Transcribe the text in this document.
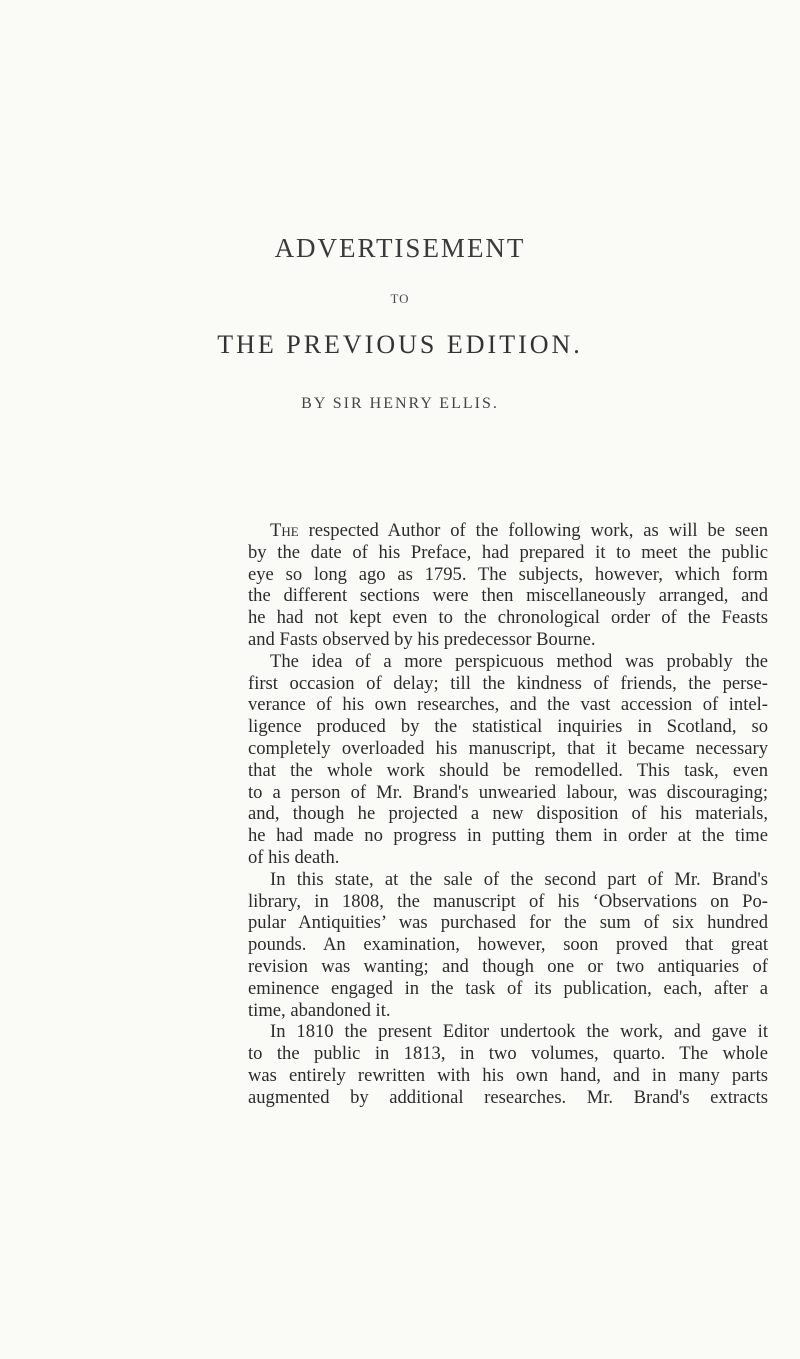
ADVERTISEMENT
TO
THE PREVIOUS EDITION.
BY SIR HENRY ELLIS.
The respected Author of the following work, as will be seen
by the date of his Preface, had prepared it to meet the public
eye so long ago as 1795. The subjects, however, which form
the different sections were then miscellaneously arranged, and
he had not kept even to the chronological order of the Feasts
and Fasts observed by his predecessor Bourne.
The idea of a more perspicuous method was probably the
first occasion of delay; till the kindness of friends, the perse-
verance of his own researches, and the vast accession of intel-
ligence produced by the statistical inquiries in Scotland, so
completely overloaded his manuscript, that it became necessary
that the whole work should be remodelled. This task, even
to a person of Mr. Brand's unwearied labour, was discouraging;
and, though he projected a new disposition of his materials,
he had made no progress in putting them in order at the time
of his death.
In this state, at the sale of the second part of Mr. Brand's
library, in 1808, the manuscript of his ‘Observations on Po-
pular Antiquities’ was purchased for the sum of six hundred
pounds. An examination, however, soon proved that great
revision was wanting; and though one or two antiquaries of
eminence engaged in the task of its publication, each, after a
time, abandoned it.
In 1810 the present Editor undertook the work, and gave it
to the public in 1813, in two volumes, quarto. The whole
was entirely rewritten with his own hand, and in many parts
augmented by additional researches. Mr. Brand's extracts
